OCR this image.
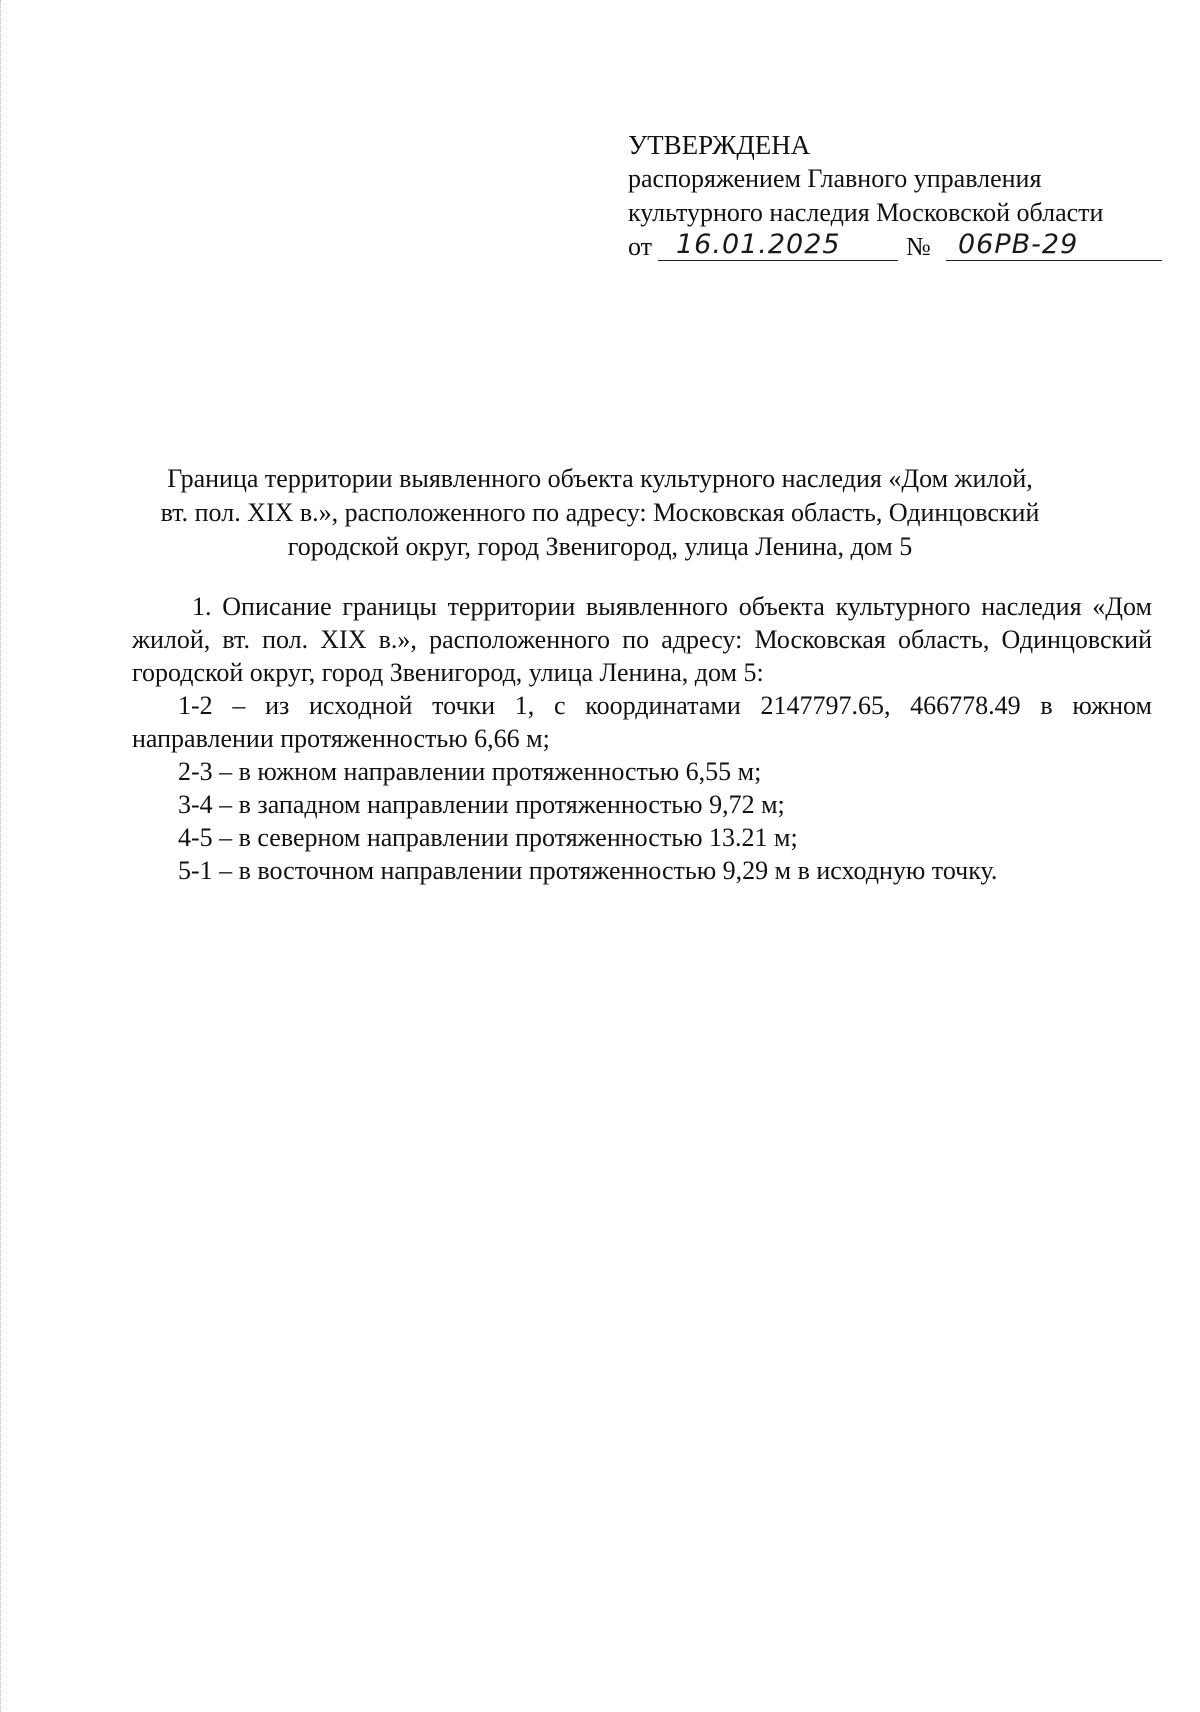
УТВЕРЖДЕНА
распоряжением Главного управления
культурного наследия Московской области
от 16.01.2025	№ 06РВ-29
Граница территории выявленного объекта культурного наследия «Дом жилой,
вт. пол. XIX в.», расположенного по адресу: Московская область, Одинцовский
городской округ, город Звенигород, улица Ленина, дом 5

1. Описание границы территории выявленного объекта культурного наследия «Дом жилой, вт. пол. XIX в.», расположенного по адресу: Московская область, Одинцовский городской округ, город Звенигород, улица Ленина, дом 5:

1-2 – из исходной точки 1, с координатами 2147797.65, 466778.49 в южном направлении протяженностью 6,66 м;

2-3 – в южном направлении протяженностью 6,55 м;

3-4 – в западном направлении протяженностью 9,72 м;

4-5 – в северном направлении протяженностью 13.21 м;

5-1 – в восточном направлении протяженностью 9,29 м в исходную точку.
